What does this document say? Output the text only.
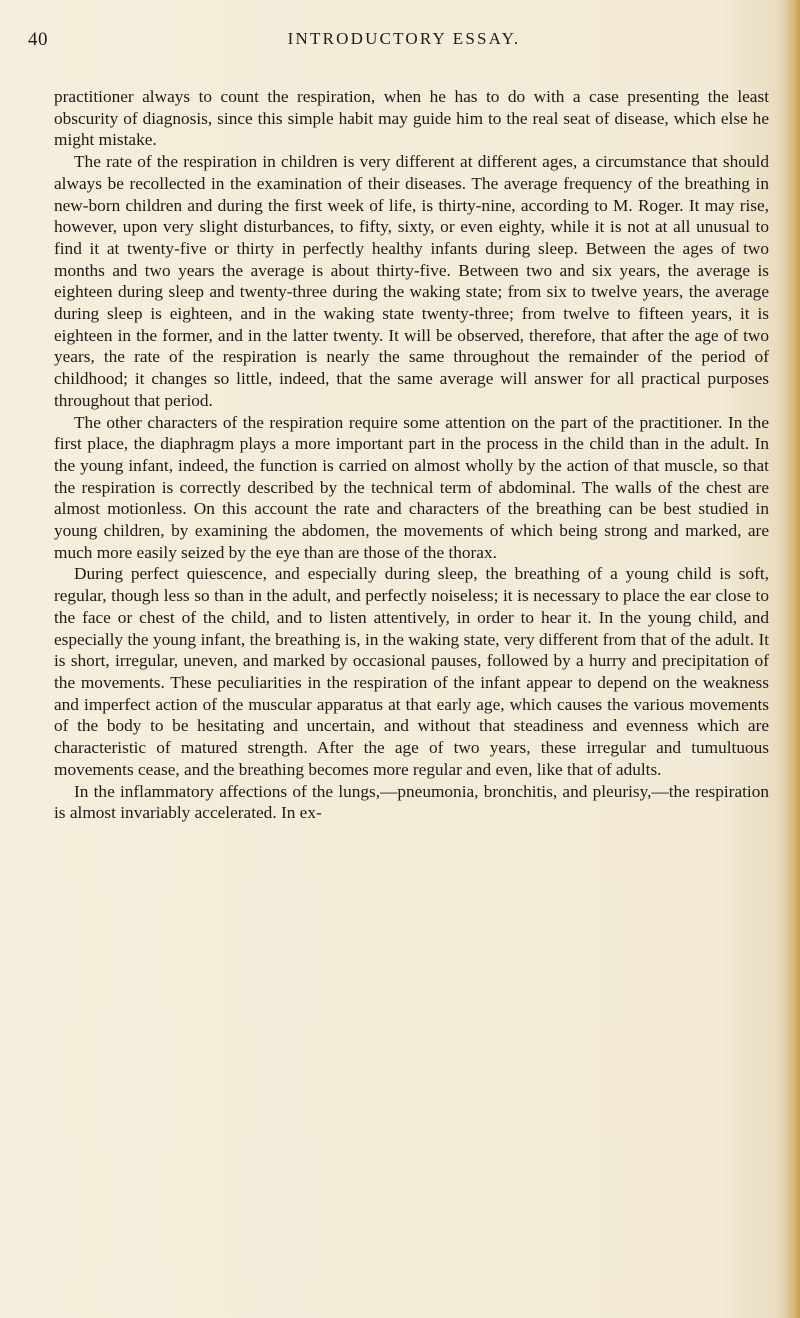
40	INTRODUCTORY ESSAY.

practitioner always to count the respiration, when he has to do with a case presenting the least obscurity of diagnosis, since this simple habit may guide him to the real seat of disease, which else he might mistake.

The rate of the respiration in children is very different at different ages, a circumstance that should always be recollected in the examination of their diseases. The average frequency of the breathing in new-born children and during the first week of life, is thirty-nine, according to M. Roger. It may rise, however, upon very slight disturbances, to fifty, sixty, or even eighty, while it is not at all unusual to find it at twenty-five or thirty in perfectly healthy infants during sleep. Between the ages of two months and two years the average is about thirty-five. Between two and six years, the average is eighteen during sleep and twenty-three during the waking state; from six to twelve years, the average during sleep is eighteen, and in the waking state twenty-three; from twelve to fifteen years, it is eighteen in the former, and in the latter twenty. It will be observed, therefore, that after the age of two years, the rate of the respiration is nearly the same throughout the remainder of the period of childhood; it changes so little, indeed, that the same average will answer for all practical purposes throughout that period.

The other characters of the respiration require some attention on the part of the practitioner. In the first place, the diaphragm plays a more important part in the process in the child than in the adult. In the young infant, indeed, the function is carried on almost wholly by the action of that muscle, so that the respiration is correctly described by the technical term of abdominal. The walls of the chest are almost motionless. On this account the rate and characters of the breathing can be best studied in young children, by examining the abdomen, the movements of which being strong and marked, are much more easily seized by the eye than are those of the thorax.

During perfect quiescence, and especially during sleep, the breathing of a young child is soft, regular, though less so than in the adult, and perfectly noiseless; it is necessary to place the ear close to the face or chest of the child, and to listen attentively, in order to hear it. In the young child, and especially the young infant, the breathing is, in the waking state, very different from that of the adult. It is short, irregular, uneven, and marked by occasional pauses, followed by a hurry and precipitation of the movements. These peculiarities in the respiration of the infant appear to depend on the weakness and imperfect action of the muscular apparatus at that early age, which causes the various movements of the body to be hesitating and uncertain, and without that steadiness and evenness which are characteristic of matured strength. After the age of two years, these irregular and tumultuous movements cease, and the breathing becomes more regular and even, like that of adults.

In the inflammatory affections of the lungs,—pneumonia, bronchitis, and pleurisy,—the respiration is almost invariably accelerated. In ex-
